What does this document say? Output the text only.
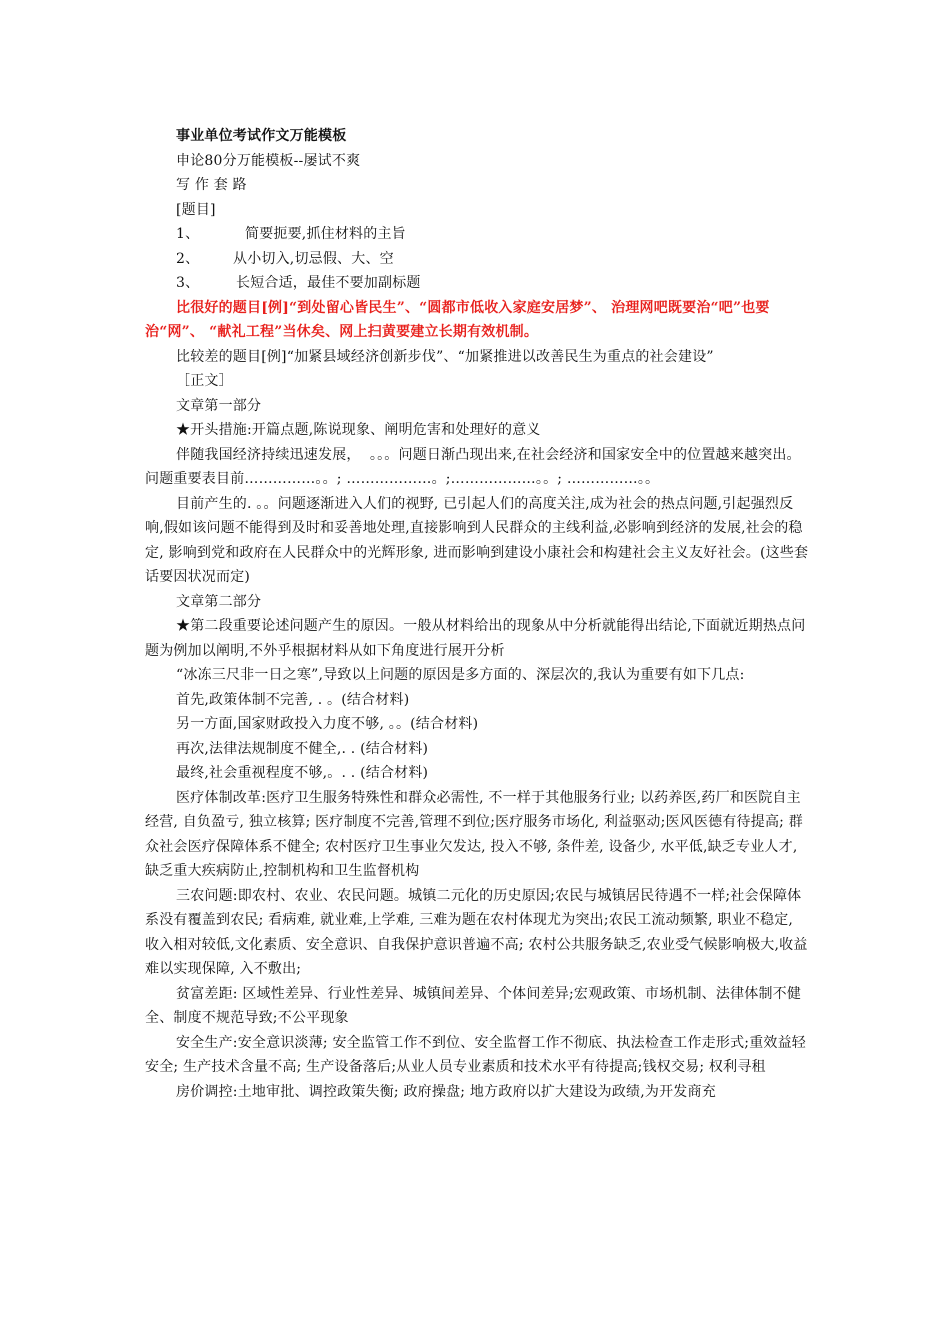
事业单位考试作文万能模板
申论80分万能模板--屡试不爽
写 作 套 路
[题目]
1、	简要扼要,抓住材料的主旨
2、	从小切入,切忌假、大、空
3、	长短合适，最佳不要加副标题
比很好的题目[例]“到处留心皆民生”、“圆都市低收入家庭安居梦”、 治理网吧既要治“吧”也要治“网”、 “献礼工程”当休矣、网上扫黄要建立长期有效机制。
比较差的题目[例]“加紧县域经济创新步伐”、“加紧推进以改善民生为重点的社会建设”
［正文］
文章第一部分
★开头措施:开篇点题,陈说现象、阐明危害和处理好的意义
伴随我国经济持续迅速发展，  。。。问题日渐凸现出来,在社会经济和国家安全中的位置越来越突出。问题重要表目前……………。。; ………………。;………………。。; ……………。。
目前产生的. 。。问题逐渐进入人们的视野, 已引起人们的高度关注,成为社会的热点问题,引起强烈反响,假如该问题不能得到及时和妥善地处理,直接影响到人民群众的主线利益,必影响到经济的发展,社会的稳定, 影响到党和政府在人民群众中的光辉形象, 进而影响到建设小康社会和构建社会主义友好社会。(这些套话要因状况而定)
文章第二部分
★第二段重要论述问题产生的原因。一般从材料给出的现象从中分析就能得出结论,下面就近期热点问题为例加以阐明,不外乎根据材料从如下角度进行展开分析
“冰冻三尺非一日之寒”,导致以上问题的原因是多方面的、深层次的,我认为重要有如下几点:
首先,政策体制不完善, . 。(结合材料)
另一方面,国家财政投入力度不够, 。。(结合材料)
再次,法律法规制度不健全,. . (结合材料)
最终,社会重视程度不够,。. . (结合材料)
医疗体制改革:医疗卫生服务特殊性和群众必需性, 不一样于其他服务行业; 以药养医,药厂和医院自主经营, 自负盈亏, 独立核算; 医疗制度不完善,管理不到位;医疗服务市场化, 利益驱动;医风医德有待提高; 群众社会医疗保障体系不健全; 农村医疗卫生事业欠发达, 投入不够, 条件差, 设备少, 水平低,缺乏专业人才,缺乏重大疾病防止,控制机构和卫生监督机构
三农问题:即农村、农业、农民问题。城镇二元化的历史原因;农民与城镇居民待遇不一样;社会保障体系没有覆盖到农民; 看病难, 就业难,上学难, 三难为题在农村体现尤为突出;农民工流动频繁, 职业不稳定, 收入相对较低,文化素质、安全意识、自我保护意识普遍不高; 农村公共服务缺乏,农业受气候影响极大,收益难以实现保障, 入不敷出;
贫富差距: 区域性差异、行业性差异、城镇间差异、个体间差异;宏观政策、市场机制、法律体制不健全、制度不规范导致;不公平现象
安全生产:安全意识淡薄; 安全监管工作不到位、安全监督工作不彻底、执法检查工作走形式;重效益轻安全; 生产技术含量不高; 生产设备落后;从业人员专业素质和技术水平有待提高;钱权交易; 权利寻租
房价调控:土地审批、调控政策失衡; 政府操盘; 地方政府以扩大建设为政绩,为开发商充
